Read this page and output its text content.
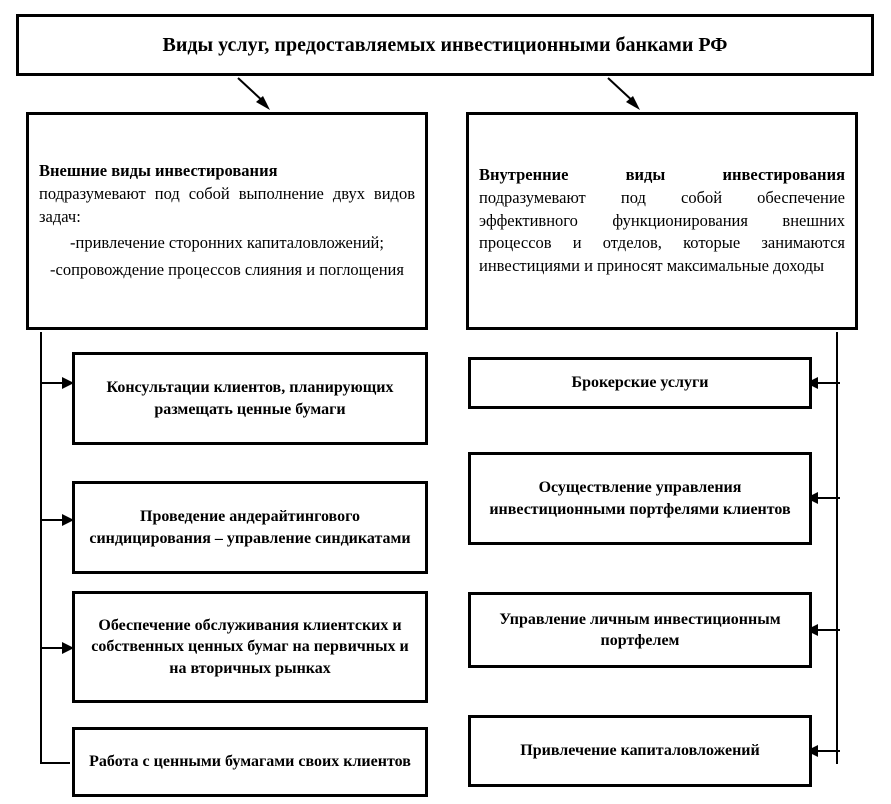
Виды услуг, предоставляемых инвестиционными банками РФ
Внешние виды инвестирования
подразумевают под собой выполнение двух видов задач:
-привлечение сторонних капиталовложений;
-сопровождение процессов слияния и поглощения
Внутренние виды инвестирования
подразумевают под собой обеспечение эффективного функционирования внешних процессов и отделов, которые занимаются инвестициями и приносят максимальные доходы
Консультации клиентов, планирующих размещать ценные бумаги
Проведение андерайтингового синдицирования – управление синдикатами
Обеспечение обслуживания клиентских и собственных ценных бумаг на первичных и на вторичных рынках
Работа с ценными бумагами своих клиентов
Брокерские услуги
Осуществление управления инвестиционными портфелями клиентов
Управление личным инвестиционным портфелем
Привлечение капиталовложений
